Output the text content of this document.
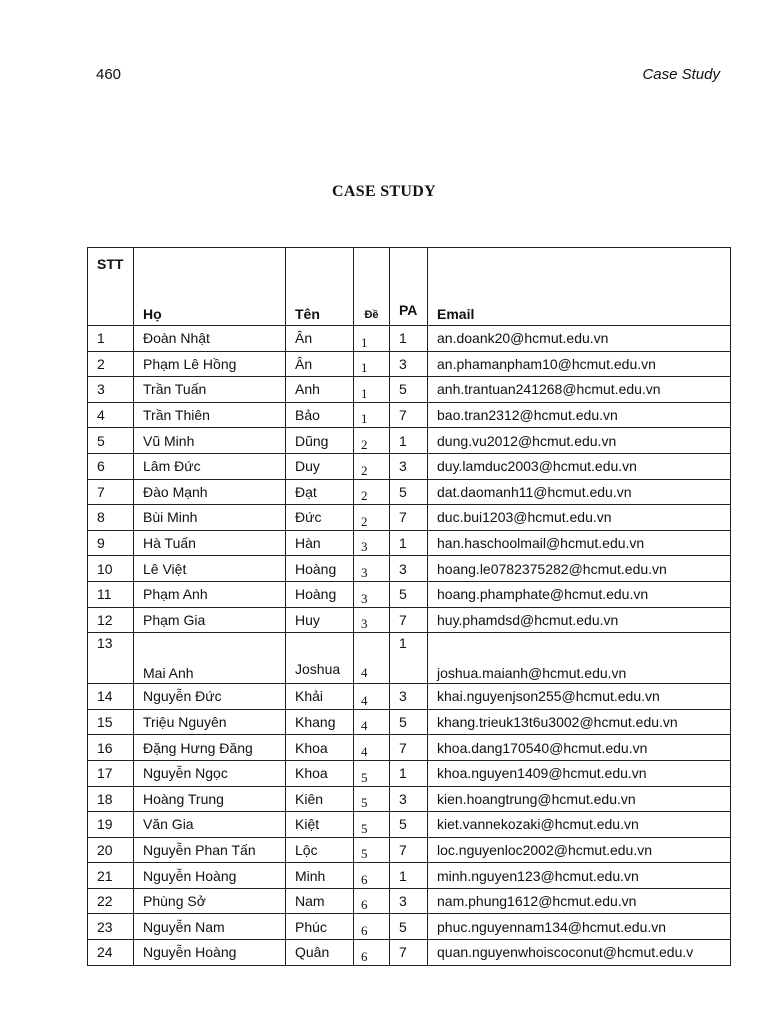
460	Case Study
CASE STUDY
STT	Họ	Tên	Đề	PA	Email
1	Đoàn Nhật	Ân	1	1	an.doank20@hcmut.edu.vn
2	Phạm Lê Hồng	Ân	1	3	an.phamanpham10@hcmut.edu.vn
3	Trần Tuấn	Anh	1	5	anh.trantuan241268@hcmut.edu.vn
4	Trần Thiên	Bảo	1	7	bao.tran2312@hcmut.edu.vn
5	Vũ Minh	Dũng	2	1	dung.vu2012@hcmut.edu.vn
6	Lâm Đức	Duy	2	3	duy.lamduc2003@hcmut.edu.vn
7	Đào Mạnh	Đạt	2	5	dat.daomanh11@hcmut.edu.vn
8	Bùi Minh	Đức	2	7	duc.bui1203@hcmut.edu.vn
9	Hà Tuấn	Hàn	3	1	han.haschoolmail@hcmut.edu.vn
10	Lê Việt	Hoàng	3	3	hoang.le0782375282@hcmut.edu.vn
11	Phạm Anh	Hoàng	3	5	hoang.phamphate@hcmut.edu.vn
12	Phạm Gia	Huy	3	7	huy.phamdsd@hcmut.edu.vn
13	Mai Anh	Joshua	4	1	joshua.maianh@hcmut.edu.vn
14	Nguyễn Đức	Khải	4	3	khai.nguyenjson255@hcmut.edu.vn
15	Triệu Nguyên	Khang	4	5	khang.trieuk13t6u3002@hcmut.edu.vn
16	Đặng Hưng Đăng	Khoa	4	7	khoa.dang170540@hcmut.edu.vn
17	Nguyễn Ngọc	Khoa	5	1	khoa.nguyen1409@hcmut.edu.vn
18	Hoàng Trung	Kiên	5	3	kien.hoangtrung@hcmut.edu.vn
19	Văn Gia	Kiệt	5	5	kiet.vannekozaki@hcmut.edu.vn
20	Nguyễn Phan Tấn	Lộc	5	7	loc.nguyenloc2002@hcmut.edu.vn
21	Nguyễn Hoàng	Minh	6	1	minh.nguyen123@hcmut.edu.vn
22	Phùng Sở	Nam	6	3	nam.phung1612@hcmut.edu.vn
23	Nguyễn Nam	Phúc	6	5	phuc.nguyennam134@hcmut.edu.vn
24	Nguyễn Hoàng	Quân	6	7	quan.nguyenwhoiscoconut@hcmut.edu.v
